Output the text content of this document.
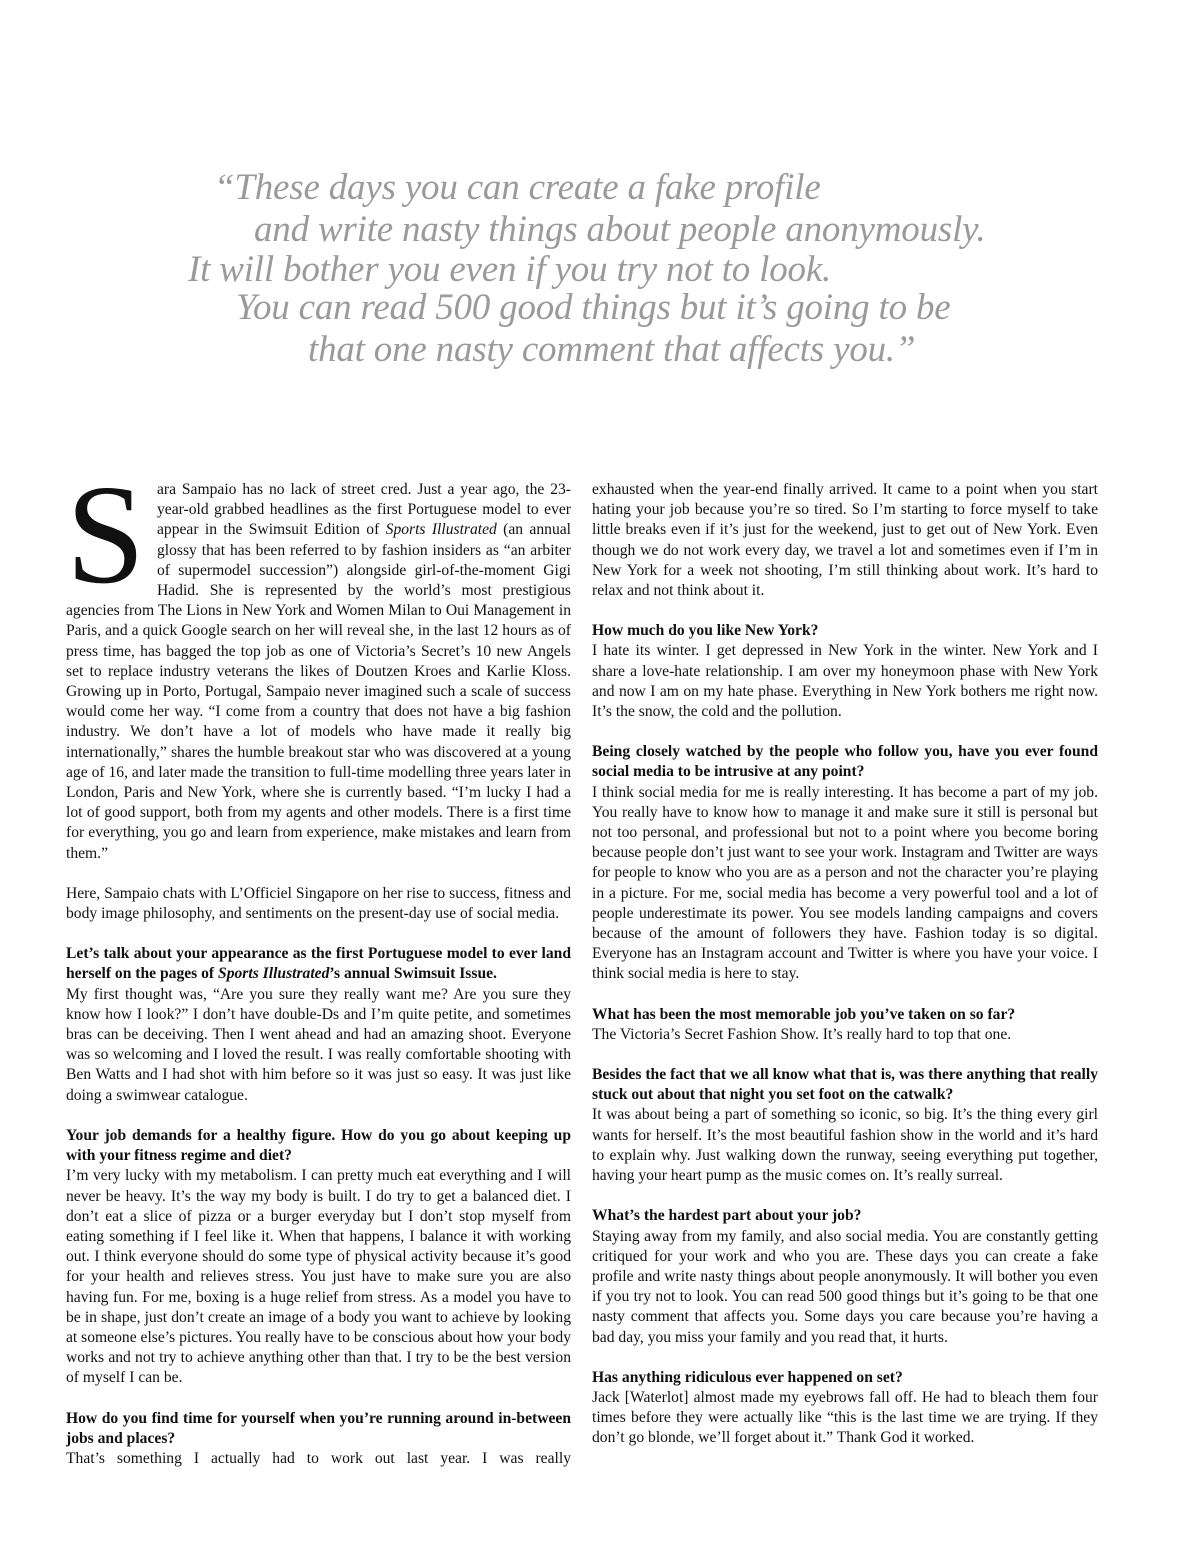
“These days you can create a fake profile
and write nasty things about people anonymously.
It will bother you even if you try not to look.
You can read 500 good things but it’s going to be
that one nasty comment that affects you.”

Sara Sampaio has no lack of street cred. Just a year ago, the 23-year-old grabbed headlines as the first Portuguese model to ever appear in the Swimsuit Edition of Sports Illustrated (an annual glossy that has been referred to by fashion insiders as “an arbiter of supermodel succession”) alongside girl-of-the-moment Gigi Hadid. She is represented by the world’s most prestigious agencies from The Lions in New York and Women Milan to Oui Management in Paris, and a quick Google search on her will reveal she, in the last 12 hours as of press time, has bagged the top job as one of Victoria’s Secret’s 10 new Angels set to replace industry veterans the likes of Doutzen Kroes and Karlie Kloss. Growing up in Porto, Portugal, Sampaio never imagined such a scale of success would come her way. “I come from a country that does not have a big fashion industry. We don’t have a lot of models who have made it really big internationally,” shares the humble breakout star who was discovered at a young age of 16, and later made the transition to full-time modelling three years later in London, Paris and New York, where she is currently based. “I’m lucky I had a lot of good support, both from my agents and other models. There is a first time for everything, you go and learn from experience, make mistakes and learn from them.”

Here, Sampaio chats with L’Officiel Singapore on her rise to success, fitness and body image philosophy, and sentiments on the present-day use of social media.

Let’s talk about your appearance as the first Portuguese model to ever land herself on the pages of Sports Illustrated’s annual Swimsuit Issue.

My first thought was, “Are you sure they really want me? Are you sure they know how I look?” I don’t have double-Ds and I’m quite petite, and sometimes bras can be deceiving. Then I went ahead and had an amazing shoot. Everyone was so welcoming and I loved the result. I was really comfortable shooting with Ben Watts and I had shot with him before so it was just so easy. It was just like doing a swimwear catalogue.

Your job demands for a healthy figure. How do you go about keeping up with your fitness regime and diet?

I’m very lucky with my metabolism. I can pretty much eat everything and I will never be heavy. It’s the way my body is built. I do try to get a balanced diet. I don’t eat a slice of pizza or a burger everyday but I don’t stop myself from eating something if I feel like it. When that happens, I balance it with working out. I think everyone should do some type of physical activity because it’s good for your health and relieves stress. You just have to make sure you are also having fun. For me, boxing is a huge relief from stress. As a model you have to be in shape, just don’t create an image of a body you want to achieve by looking at someone else’s pictures. You really have to be conscious about how your body works and not try to achieve anything other than that. I try to be the best version of myself I can be.

How do you find time for yourself when you’re running around in-between jobs and places?

That’s something I actually had to work out last year. I was really

exhausted when the year-end finally arrived. It came to a point when you start hating your job because you’re so tired. So I’m starting to force myself to take little breaks even if it’s just for the weekend, just to get out of New York. Even though we do not work every day, we travel a lot and sometimes even if I’m in New York for a week not shooting, I’m still thinking about work. It’s hard to relax and not think about it.

How much do you like New York?

I hate its winter. I get depressed in New York in the winter. New York and I share a love-hate relationship. I am over my honeymoon phase with New York and now I am on my hate phase. Everything in New York bothers me right now. It’s the snow, the cold and the pollution.

Being closely watched by the people who follow you, have you ever found social media to be intrusive at any point?

I think social media for me is really interesting. It has become a part of my job. You really have to know how to manage it and make sure it still is personal but not too personal, and professional but not to a point where you become boring because people don’t just want to see your work. Instagram and Twitter are ways for people to know who you are as a person and not the character you’re playing in a picture. For me, social media has become a very powerful tool and a lot of people underestimate its power. You see models landing campaigns and covers because of the amount of followers they have. Fashion today is so digital. Everyone has an Instagram account and Twitter is where you have your voice. I think social media is here to stay.

What has been the most memorable job you’ve taken on so far?

The Victoria’s Secret Fashion Show. It’s really hard to top that one.

Besides the fact that we all know what that is, was there anything that really stuck out about that night you set foot on the catwalk?

It was about being a part of something so iconic, so big. It’s the thing every girl wants for herself. It’s the most beautiful fashion show in the world and it’s hard to explain why. Just walking down the runway, seeing everything put together, having your heart pump as the music comes on. It’s really surreal.

What’s the hardest part about your job?

Staying away from my family, and also social media. You are constantly getting critiqued for your work and who you are. These days you can create a fake profile and write nasty things about people anonymously. It will bother you even if you try not to look. You can read 500 good things but it’s going to be that one nasty comment that affects you. Some days you care because you’re having a bad day, you miss your family and you read that, it hurts.

Has anything ridiculous ever happened on set?

Jack [Waterlot] almost made my eyebrows fall off. He had to bleach them four times before they were actually like “this is the last time we are trying. If they don’t go blonde, we’ll forget about it.” Thank God it worked.
